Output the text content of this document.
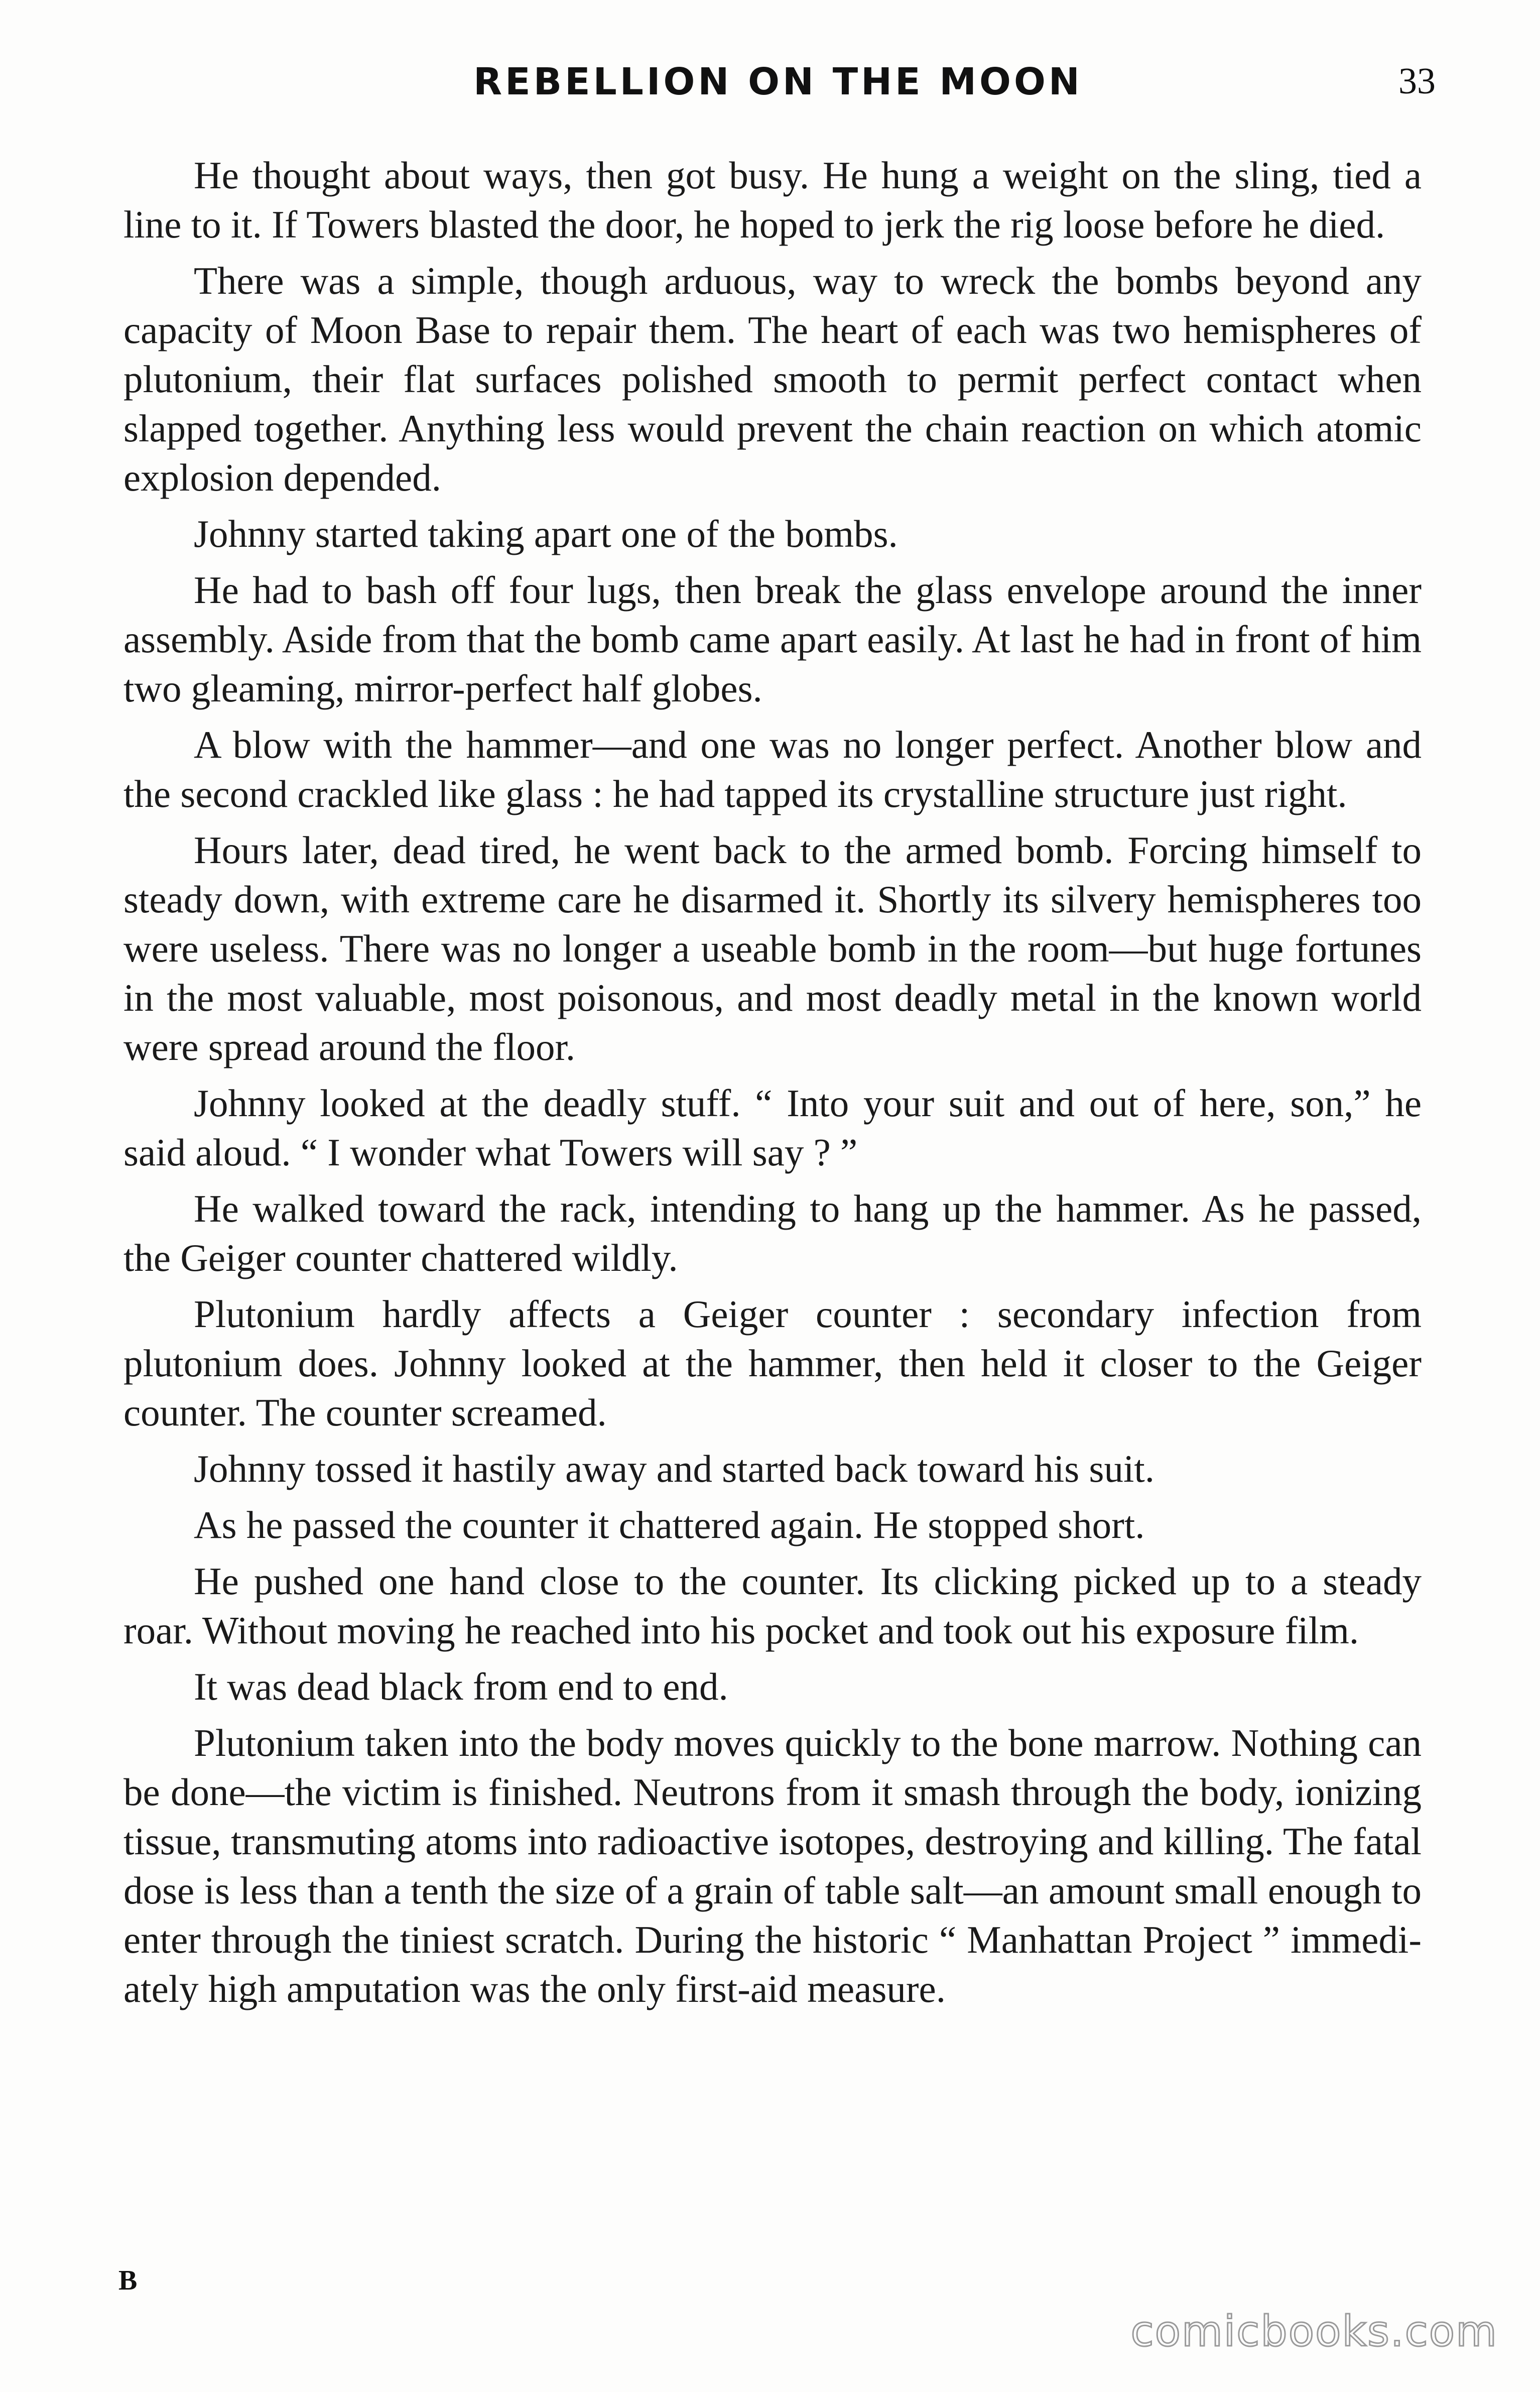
REBELLION ON THE MOON	33

He thought about ways, then got busy. He hung a weight on the sling, tied a line to it. If Towers blasted the door, he hoped to jerk the rig loose before he died.

There was a simple, though arduous, way to wreck the bombs beyond any capacity of Moon Base to repair them. The heart of each was two hemispheres of plutonium, their flat surfaces polished smooth to permit perfect contact when slapped together. Anything less would prevent the chain reaction on which atomic explosion depended.

Johnny started taking apart one of the bombs.

He had to bash off four lugs, then break the glass envelope around the inner assembly. Aside from that the bomb came apart easily. At last he had in front of him two gleaming, mirror-perfect half globes.

A blow with the hammer—and one was no longer perfect. Another blow and the second crackled like glass : he had tapped its crystalline structure just right.

Hours later, dead tired, he went back to the armed bomb. Forcing himself to steady down, with extreme care he disarmed it. Shortly its silvery hemispheres too were useless. There was no longer a useable bomb in the room—but huge fortunes in the most valuable, most poisonous, and most deadly metal in the known world were spread around the floor.

Johnny looked at the deadly stuff. “ Into your suit and out of here, son,” he said aloud. “ I wonder what Towers will say ? ”

He walked toward the rack, intending to hang up the hammer. As he passed, the Geiger counter chattered wildly.

Plutonium hardly affects a Geiger counter : secondary infection from plutonium does. Johnny looked at the hammer, then held it closer to the Geiger counter. The counter screamed.

Johnny tossed it hastily away and started back toward his suit.

As he passed the counter it chattered again. He stopped short.

He pushed one hand close to the counter. Its clicking picked up to a steady roar. Without moving he reached into his pocket and took out his exposure film.

It was dead black from end to end.

Plutonium taken into the body moves quickly to the bone marrow. Nothing can be done—the victim is finished. Neutrons from it smash through the body, ionizing tissue, transmuting atoms into radioactive isotopes, destroying and killing. The fatal dose is less than a tenth the size of a grain of table salt—an amount small enough to enter through the tiniest scratch. During the historic “ Manhattan Project ” immediately high amputation was the only first-aid measure.

B
comicbooks.com
